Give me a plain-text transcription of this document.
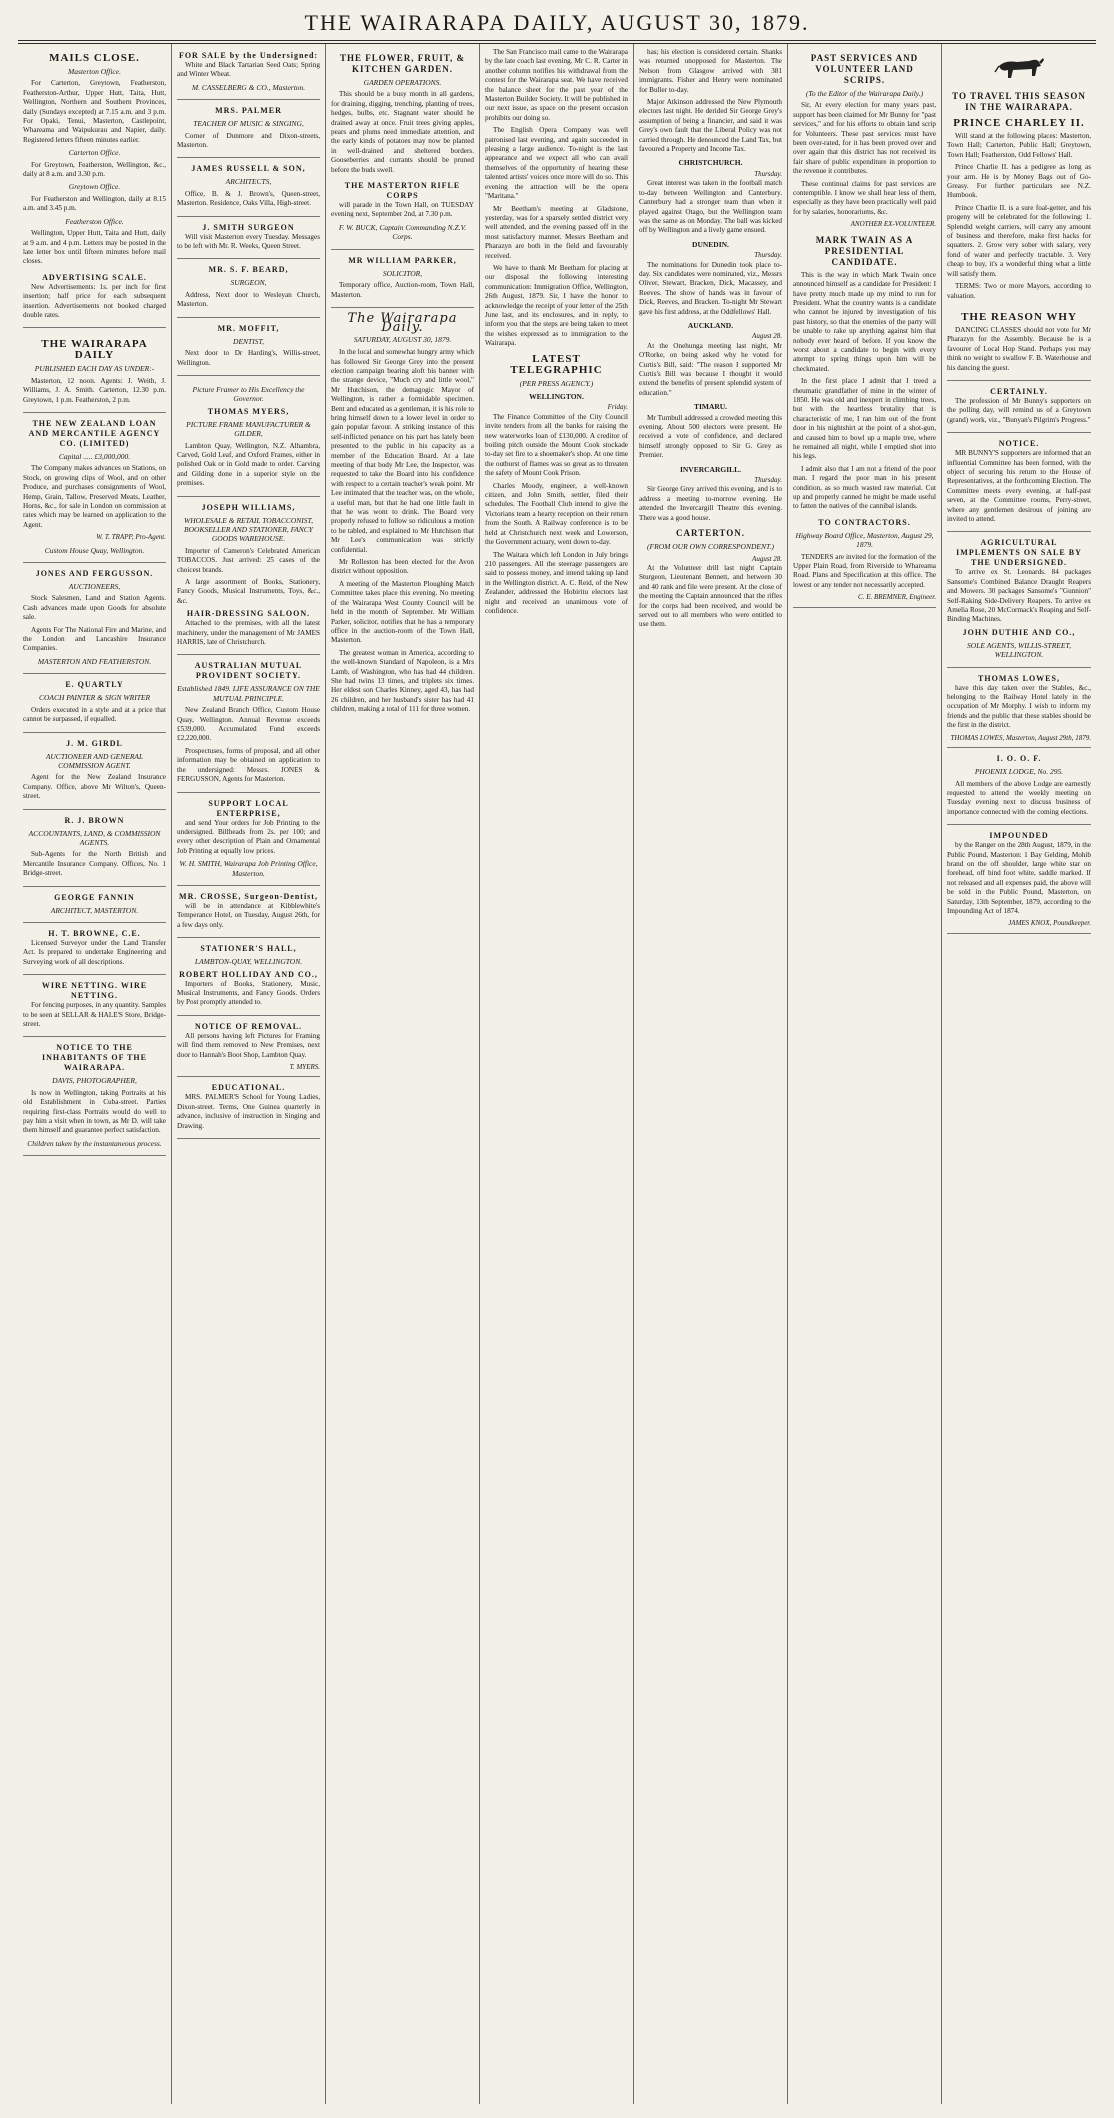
THE WAIRARAPA DAILY, AUGUST 30, 1879.
MAILS CLOSE.
Masterton Office.

For Carterton, Greytown, Featherston, Featherston-Arthur, Upper Hutt, Taita, Hutt, Wellington, Northern and Southern Provinces, daily (Sundays excepted) at 7.15 a.m. and 3 p.m. For Opaki, Tenui, Masterton, Castlepoint, Whareama and Waipukurau and Napier, daily. Registered letters fifteen minutes earlier.

Carterton Office.

For Greytown, Featherston, Wellington, &c., daily at 8 a.m. and 3.30 p.m.

Greytown Office.

For Featherston and Wellington, daily at 8.15 a.m. and 3.45 p.m.

Featherston Office.

Wellington, Upper Hutt, Taita and Hutt, daily at 9 a.m. and 4 p.m. Letters may be posted in the late letter box until fifteen minutes before mail closes.

ADVERTISING SCALE.

New Advertisements: 1s. per inch for first insertion; half price for each subsequent insertion. Advertisements not booked charged double rates.

THE WAIRARAPA DAILY
PUBLISHED EACH DAY AS UNDER:-

Masterton, 12 noon. Agents: J. Weith, J. Williams, J. A. Smith. Carterton, 12.30 p.m. Greytown, 1 p.m. Featherston, 2 p.m.

THE NEW ZEALAND LOAN AND MERCANTILE AGENCY CO. (LIMITED)
Capital ..... £3,000,000.

The Company makes advances on Stations, on Stock, on growing clips of Wool, and on other Produce, and purchases consignments of Wool, Hemp, Grain, Tallow, Preserved Meats, Leather, Horns, &c., for sale in London on commission at rates which may be learned on application to the Agent.

W. T. TRAPP, Pro-Agent.
Custom House Quay, Wellington.
JONES AND FERGUSSON.
AUCTIONEERS,

Stock Salesmen, Land and Station Agents. Cash advances made upon Goods for absolute sale.

Agents For The National Fire and Marine, and the London and Lancashire Insurance Companies.

MASTERTON AND FEATHERSTON.
E. QUARTLY
COACH PAINTER & SIGN WRITER

Orders executed in a style and at a price that cannot be surpassed, if equalled.

J. M. GIRDL
AUCTIONEER AND GENERAL COMMISSION AGENT.

Agent for the New Zealand Insurance Company. Office, above Mr Wilton's, Queen-street.

R. J. BROWN
ACCOUNTANTS, LAND, & COMMISSION AGENTS.

Sub-Agents for the North British and Mercantile Insurance Company. Offices, No. 1 Bridge-street.

GEORGE FANNIN
ARCHITECT, MASTERTON.
H. T. BROWNE, C.E.

Licensed Surveyor under the Land Transfer Act. Is prepared to undertake Engineering and Surveying work of all descriptions.

WIRE NETTING. WIRE NETTING.

For fencing purposes, in any quantity. Samples to be seen at SELLAR & HALE'S Store, Bridge-street.

NOTICE TO THE INHABITANTS OF THE WAIRARAPA.
DAVIS, PHOTOGRAPHER,

Is now in Wellington, taking Portraits at his old Establishment in Cuba-street. Parties requiring first-class Portraits would do well to pay him a visit when in town, as Mr D. will take them himself and guarantee perfect satisfaction.

Children taken by the instantaneous process.
FOR SALE by the Undersigned:

White and Black Tartarian Seed Oats; Spring and Winter Wheat.

M. CASSELBERG & CO., Masterton.
MRS. PALMER
TEACHER OF MUSIC & SINGING,

Corner of Dunmore and Dixon-streets, Masterton.

JAMES RUSSELL & SON,
ARCHITECTS,

Office, B. & J. Brown's, Queen-street, Masterton. Residence, Oaks Villa, High-street.

J. SMITH SURGEON

Will visit Masterton every Tuesday. Messages to be left with Mr. R. Weeks, Queen Street.

MR. S. F. BEARD,
SURGEON,

Address, Next door to Wesleyan Church, Masterton.

MR. MOFFIT,
DENTIST,

Next door to Dr Harding's, Willis-street, Wellington.

Picture Framer to His Excellency the Governor.
THOMAS MYERS,
PICTURE FRAME MANUFACTURER & GILDER,

Lambton Quay, Wellington, N.Z. Alhambra, Carved, Gold Leaf, and Oxford Frames, either in polished Oak or in Gold made to order. Carving and Gilding done in a superior style on the premises.

JOSEPH WILLIAMS,
WHOLESALE & RETAIL TOBACCONIST, BOOKSELLER AND STATIONER, FANCY GOODS WAREHOUSE.

Importer of Cameron's Celebrated American TOBACCOS. Just arrived: 25 cases of the choicest brands.

A large assortment of Books, Stationery, Fancy Goods, Musical Instruments, Toys, &c., &c.

HAIR-DRESSING SALOON.

Attached to the premises, with all the latest machinery, under the management of Mr JAMES HARRIS, late of Christchurch.

AUSTRALIAN MUTUAL PROVIDENT SOCIETY.
Established 1849. LIFE ASSURANCE ON THE MUTUAL PRINCIPLE.

New Zealand Branch Office, Custom House Quay, Wellington. Annual Revenue exceeds £539,000. Accumulated Fund exceeds £2,220,000.

Prospectuses, forms of proposal, and all other information may be obtained on application to the undersigned: Messrs. JONES & FERGUSSON, Agents for Masterton.

SUPPORT LOCAL ENTERPRISE,

and send Your orders for Job Printing to the undersigned. Billheads from 2s. per 100; and every other description of Plain and Ornamental Job Printing at equally low prices.

W. H. SMITH, Wairarapa Job Printing Office, Masterton.
MR. CROSSE, Surgeon-Dentist,

will be in attendance at Kibblewhite's Temperance Hotel, on Tuesday, August 26th, for a few days only.

STATIONER'S HALL,
LAMBTON-QUAY, WELLINGTON.
ROBERT HOLLIDAY AND CO.,

Importers of Books, Stationery, Music, Musical Instruments, and Fancy Goods. Orders by Post promptly attended to.

NOTICE OF REMOVAL.

All persons having left Pictures for Framing will find them removed to New Premises, next door to Hannah's Boot Shop, Lambton Quay.

T. MYERS.
EDUCATIONAL.

MRS. PALMER'S School for Young Ladies, Dixon-street. Terms, One Guinea quarterly in advance, inclusive of instruction in Singing and Drawing.

THE FLOWER, FRUIT, & KITCHEN GARDEN.
GARDEN OPERATIONS.

This should be a busy month in all gardens, for draining, digging, trenching, planting of trees, hedges, bulbs, etc. Stagnant water should be drained away at once. Fruit trees giving apples, pears and plums need immediate attention, and the early kinds of potatoes may now be planted in well-drained and sheltered borders. Gooseberries and currants should be pruned before the buds swell.

THE MASTERTON RIFLE CORPS

will parade in the Town Hall, on TUESDAY evening next, September 2nd, at 7.30 p.m.

F. W. BUCK, Captain Commanding N.Z.V. Corps.
MR WILLIAM PARKER,
SOLICITOR,

Temporary office, Auction-room, Town Hall, Masterton.

The Wairarapa Daily.
SATURDAY, AUGUST 30, 1879.

In the local and somewhat hungry army which has followed Sir George Grey into the present election campaign bearing aloft his banner with the strange device, "Much cry and little wool," Mr Hutchison, the demagogic Mayor of Wellington, is rather a formidable specimen. Bent and educated as a gentleman, it is his role to bring himself down to a lower level in order to gain popular favour. A striking instance of this self-inflicted penance on his part has lately been presented to the public in his capacity as a member of the Education Board. At a late meeting of that body Mr Lee, the Inspector, was requested to take the Board into his confidence with respect to a certain teacher's weak point. Mr Lee intimated that the teacher was, on the whole, a useful man, but that he had one little fault in that he was wont to drink. The Board very properly refused to follow so ridiculous a motion to be tabled, and explained to Mr Hutchison that Mr Lee's communication was strictly confidential.

Mr Rolleston has been elected for the Avon district without opposition.

A meeting of the Masterton Ploughing Match Committee takes place this evening. No meeting of the Wairarapa West County Council will be held in the month of September. Mr William Parker, solicitor, notifies that he has a temporary office in the auction-room of the Town Hall, Masterton.

The greatest woman in America, according to the well-known Standard of Napoleon, is a Mrs Lamb, of Washington, who has had 44 children. She had twins 13 times, and triplets six times. Her eldest son Charles Kinney, aged 43, has had 26 children, and her husband's sister has had 41 children, making a total of 111 for three women.

The San Francisco mail came to the Wairarapa by the late coach last evening. Mr C. R. Carter in another column notifies his withdrawal from the contest for the Wairarapa seat. We have received the balance sheet for the past year of the Masterton Builder Society. It will be published in our next issue, as space on the present occasion prohibits our doing so.

The English Opera Company was well patronised last evening, and again succeeded in pleasing a large audience. To-night is the last appearance and we expect all who can avail themselves of the opportunity of hearing these talented artists' voices once more will do so. This evening the attraction will be the opera "Maritana."

Mr Beetham's meeting at Gladstone, yesterday, was for a sparsely settled district very well attended, and the evening passed off in the most satisfactory manner. Messrs Beetham and Pharazyn are both in the field and favourably received.

We have to thank Mr Beetham for placing at our disposal the following interesting communication: Immigration Office, Wellington, 26th August, 1879. Sir, I have the honor to acknowledge the receipt of your letter of the 25th June last, and its enclosures, and in reply, to inform you that the steps are being taken to meet the wishes expressed as to immigration to the Wairarapa.

LATEST TELEGRAPHIC
(PER PRESS AGENCY.)
WELLINGTON.
Friday.

The Finance Committee of the City Council invite tenders from all the banks for raising the new waterworks loan of £130,000. A creditor of boiling pitch outside the Mount Cook stockade to-day set fire to a shoemaker's shop. At one time the outburst of flames was so great as to threaten the safety of Mount Cook Prison.

Charles Moody, engineer, a well-known citizen, and John Smith, settler, filed their schedules. The Football Club intend to give the Victorians team a hearty reception on their return from the South. A Railway conference is to be held at Christchurch next week and Lowerson, the Government actuary, went down to-day.

The Waitara which left London in July brings 210 passengers. All the steerage passengers are said to possess money, and intend taking up land in the Wellington district. A. C. Reid, of the New Zealander, addressed the Hobiritu electors last night and received an unanimous vote of confidence.

has; his election is considered certain. Shanks was returned unopposed for Masterton. The Nelson from Glasgow arrived with 381 immigrants. Fisher and Henry were nominated for Buller to-day.

Major Atkinson addressed the New Plymouth electors last night. He derided Sir George Grey's assumption of being a financier, and said it was Grey's own fault that the Liberal Policy was not carried through. He denounced the Land Tax, but favoured a Property and Income Tax.

CHRISTCHURCH.
Thursday.

Great interest was taken in the football match to-day between Wellington and Canterbury. Canterbury had a stronger team than when it played against Otago, but the Wellington team was the same as on Monday. The ball was kicked off by Wellington and a lively game ensued.

DUNEDIN.
Thursday.

The nominations for Dunedin took place to-day. Six candidates were nominated, viz., Messrs Oliver, Stewart, Bracken, Dick, Macassey, and Reeves. The show of hands was in favour of Dick, Reeves, and Bracken. To-night Mr Stewart gave his first address, at the Oddfellows' Hall.

AUCKLAND.
August 28.

At the Onehunga meeting last night, Mr O'Rorke, on being asked why he voted for Curtis's Bill, said: "The reason I supported Mr Curtis's Bill was because I thought it would extend the benefits of present splendid system of education."

TIMARU.

Mr Turnbull addressed a crowded meeting this evening. About 500 electors were present. He received a vote of confidence, and declared himself strongly opposed to Sir G. Grey as Premier.

INVERCARGILL.
Thursday.

Sir George Grey arrived this evening, and is to address a meeting to-morrow evening. He attended the Invercargill Theatre this evening. There was a good house.

CARTERTON.
(FROM OUR OWN CORRESPONDENT.)
August 28.

At the Volunteer drill last night Captain Sturgeon, Lieutenant Bennett, and between 30 and 40 rank and file were present. At the close of the meeting the Captain announced that the rifles for the corps had been received, and would be served out to all members who were entitled to use them.

PAST SERVICES AND VOLUNTEER LAND SCRIPS.
(To the Editor of the Wairarapa Daily.)

Sir, At every election for many years past, support has been claimed for Mr Bunny for "past services," and for his efforts to obtain land scrip for Volunteers. These past services must have been over-rated, for it has been proved over and over again that this district has not received its fair share of public expenditure in proportion to the revenue it contributes.

These continual claims for past services are contemptible. I know we shall hear less of them, especially as they have been practically well paid for by salaries, honorariums, &c.

ANOTHER EX-VOLUNTEER.
MARK TWAIN AS A PRESIDENTIAL CANDIDATE.

This is the way in which Mark Twain once announced himself as a candidate for President: I have pretty much made up my mind to run for President. What the country wants is a candidate who cannot be injured by investigation of his past history, so that the enemies of the party will be unable to rake up anything against him that nobody ever heard of before. If you know the worst about a candidate to begin with every attempt to spring things upon him will be checkmated.

In the first place I admit that I treed a rheumatic grandfather of mine in the winter of 1850. He was old and inexpert in climbing trees, but with the heartless brutality that is characteristic of me, I ran him out of the front door in his nightshirt at the point of a shot-gun, and caused him to bowl up a maple tree, where he remained all night, while I emptied shot into his legs.

I admit also that I am not a friend of the poor man. I regard the poor man in his present condition, as so much wasted raw material. Cut up and properly canned he might be made useful to fatten the natives of the cannibal islands.

TO CONTRACTORS.
Highway Board Office, Masterton, August 29, 1879.

TENDERS are invited for the formation of the Upper Plain Road, from Riverside to Whareama Road. Plans and Specification at this office. The lowest or any tender not necessarily accepted.

C. E. BREMNER, Engineer.
TO TRAVEL THIS SEASON IN THE WAIRARAPA.
PRINCE CHARLEY II.

Will stand at the following places: Masterton, Town Hall; Carterton, Public Hall; Greytown, Town Hall; Featherston, Odd Fellows' Hall.

Prince Charlie II. has a pedigree as long as your arm. He is by Money Bags out of Go-Greasy. For further particulars see N.Z. Humbook.

Prince Charlie II. is a sure foal-getter, and his progeny will be celebrated for the following: 1. Splendid weight carriers, will carry any amount of business and therefore, make first hacks for squatters. 2. Grow very sober with salary, very fond of water and perfectly tractable. 3. Very cheap to buy, it's a wonderful thing what a little will satisfy them.

TERMS: Two or more Mayors, according to valuation.

THE REASON WHY

DANCING CLASSES should not vote for Mr Pharazyn for the Assembly. Because he is a favourer of Local Hop Stand. Perhaps you may think no weight to swallow F. B. Waterhouse and his dancing the guest.

CERTAINLY.

The profession of Mr Bunny's supporters on the polling day, will remind us of a Greytown (grand) work, viz., "Bunyan's Pilgrim's Progress."

NOTICE.

MR BUNNY'S supporters are informed that an influential Committee has been formed, with the object of securing his return to the House of Representatives, at the forthcoming Election. The Committee meets every evening, at half-past seven, at the Committee rooms, Perry-street, where any gentlemen desirous of joining are invited to attend.

AGRICULTURAL IMPLEMENTS ON SALE BY THE UNDERSIGNED.

To arrive ex St. Leonards. 84 packages Sansome's Combined Balance Draught Reapers and Mowers. 30 packages Sansome's "Gunnion" Self-Raking Side-Delivery Reapers. To arrive ex Amelia Rose, 20 McCormack's Reaping and Self-Binding Machines.

JOHN DUTHIE AND CO.,
SOLE AGENTS, WILLIS-STREET, WELLINGTON.
THOMAS LOWES,

have this day taken over the Stables, &c., belonging to the Railway Hotel lately in the occupation of Mr Morphy. I wish to inform my friends and the public that these stables should be the first in the district.

THOMAS LOWES, Masterton, August 29th, 1879.
I. O. O. F.
PHOENIX LODGE, No. 295.

All members of the above Lodge are earnestly requested to attend the weekly meeting on Tuesday evening next to discuss business of importance connected with the coming elections.

IMPOUNDED

by the Ranger on the 28th August, 1879, in the Public Pound, Masterton: 1 Bay Gelding, Mohib brand on the off shoulder, large white star on forehead, off hind foot white, saddle marked. If not released and all expenses paid, the above will be sold in the Public Pound, Masterton, on Saturday, 13th September, 1879, according to the Impounding Act of 1874.

JAMES KNOX, Poundkeeper.
